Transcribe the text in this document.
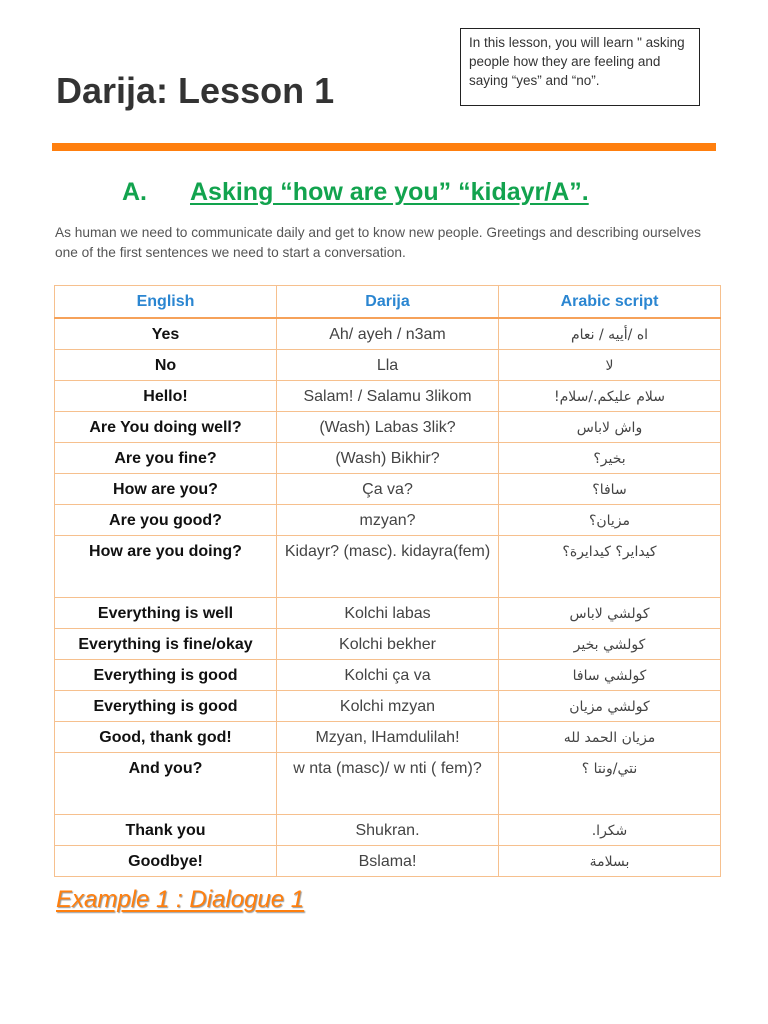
Darija: Lesson 1
In this lesson, you will learn " asking people how they are feeling and saying “yes” and “no”.
A. Asking “how are you” “kidayr/A”.
As human we need to communicate daily and get to know new people. Greetings and describing ourselves one of the first sentences we need to start a conversation.
English	Darija	Arabic script
Yes	Ah/ ayeh / n3am	اه /أييه / نعام
No	Lla	لا
Hello!	Salam! / Salamu 3likom	سلام عليكم./سلام!
Are You doing well?	(Wash) Labas 3lik?	واش لاباس
Are you fine?	(Wash) Bikhir?	بخير؟
How are you?	Ça va?	سافا؟
Are you good?	mzyan?	مزيان؟
How are you doing?	Kidayr? (masc). kidayra(fem)	كيداير؟ كيدايرة؟
Everything is well	Kolchi labas	كولشي لاباس
Everything is fine/okay	Kolchi bekher	كولشي بخير
Everything is good	Kolchi ça va	كولشي سافا
Everything is good	Kolchi mzyan	كولشي مزيان
Good, thank god!	Mzyan, lHamdulilah!	مزيان الحمد لله
And you?	w nta (masc)/ w nti ( fem)?	نتي/ونتا ؟
Thank you	Shukran.	شكرا.
Goodbye!	Bslama!	بسلامة
Example 1 : Dialogue 1
